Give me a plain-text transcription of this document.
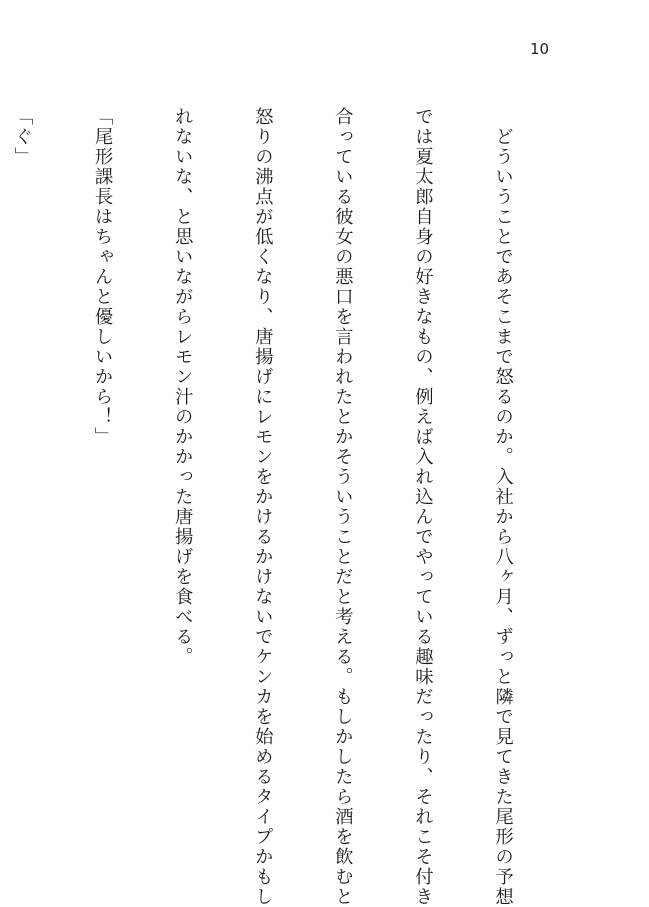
10

　どういうことであそこまで怒るのか。入社から八ヶ月、ずっと隣で見てきた尾形の予想

では夏太郎自身の好きなもの、例えば入れ込んでやっている趣味だったり、それこそ付き

合っている彼女の悪口を言われたとかそういうことだと考える。もしかしたら酒を飲むと

怒りの沸点が低くなり、唐揚げにレモンをかけるかけないでケンカを始めるタイプかもし

れないな、と思いながらレモン汁のかかった唐揚げを食べる。

「尾形課長はちゃんと優しいから！」

「ぐ」
